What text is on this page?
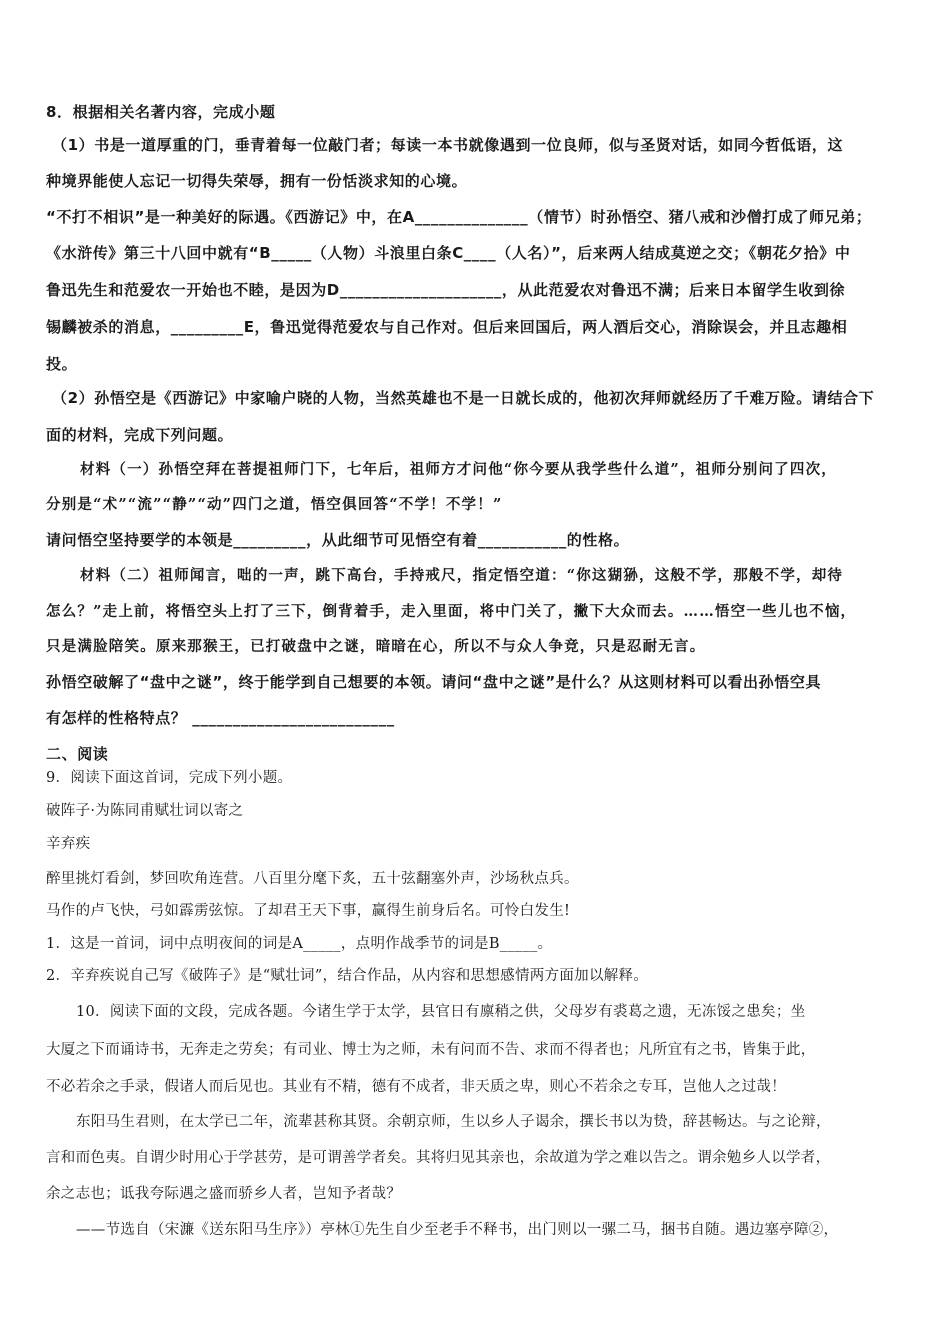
8．根据相关名著内容，完成小题
（1）书是一道厚重的门，垂青着每一位敲门者；每读一本书就像遇到一位良师，似与圣贤对话，如同今哲低语，这
种境界能使人忘记一切得失荣辱，拥有一份恬淡求知的心境。
“不打不相识”是一种美好的际遇。《西游记》中，在A______________（情节）时孙悟空、猪八戒和沙僧打成了师兄弟；
《水浒传》第三十八回中就有“B_____（人物）斗浪里白条C____（人名）”，后来两人结成莫逆之交；《朝花夕拾》中
鲁迅先生和范爱农一开始也不睦，是因为D____________________，从此范爱农对鲁迅不满；后来日本留学生收到徐
锡麟被杀的消息，_________E，鲁迅觉得范爱农与自己作对。但后来回国后，两人酒后交心，消除误会，并且志趣相
投。
（2）孙悟空是《西游记》中家喻户晓的人物，当然英雄也不是一日就长成的，他初次拜师就经历了千难万险。请结合下
面的材料，完成下列问题。
材料（一）孙悟空拜在菩提祖师门下，七年后，祖师方才问他“你今要从我学些什么道”，祖师分别问了四次，
分别是“术”“流”“静”“动”四门之道，悟空俱回答“不学！不学！”
请问悟空坚持要学的本领是_________，从此细节可见悟空有着___________的性格。
材料（二）祖师闻言，咄的一声，跳下高台，手持戒尺，指定悟空道：“你这猢狲，这般不学，那般不学，却待
怎么？”走上前，将悟空头上打了三下，倒背着手，走入里面，将中门关了，撇下大众而去。……悟空一些儿也不恼，
只是满脸陪笑。原来那猴王，已打破盘中之谜，暗暗在心，所以不与众人争竞，只是忍耐无言。
孙悟空破解了“盘中之谜”，终于能学到自己想要的本领。请问“盘中之谜”是什么？从这则材料可以看出孙悟空具
有怎样的性格特点？ _________________________
二、阅读
9．阅读下面这首词，完成下列小题。
破阵子·为陈同甫赋壮词以寄之
辛弃疾
醉里挑灯看剑，梦回吹角连营。八百里分麾下炙，五十弦翻塞外声，沙场秋点兵。
马作的卢飞快，弓如霹雳弦惊。了却君王天下事，赢得生前身后名。可怜白发生!
1．这是一首词，词中点明夜间的词是A_____，点明作战季节的词是B_____。
2．辛弃疾说自己写《破阵子》是“赋壮词”，结合作品，从内容和思想感情两方面加以解释。
10．阅读下面的文段，完成各题。今诸生学于太学，县官日有廪稍之供，父母岁有裘葛之遗，无冻馁之患矣；坐
大厦之下而诵诗书，无奔走之劳矣；有司业、博士为之师，未有问而不告、求而不得者也；凡所宜有之书，皆集于此，
不必若余之手录，假诸人而后见也。其业有不精，德有不成者，非天质之卑，则心不若余之专耳，岂他人之过哉！
东阳马生君则，在太学已二年，流辈甚称其贤。余朝京师，生以乡人子谒余，撰长书以为贽，辞甚畅达。与之论辩，
言和而色夷。自谓少时用心于学甚劳，是可谓善学者矣。其将归见其亲也，余故道为学之难以告之。谓余勉乡人以学者，
余之志也；诋我夸际遇之盛而骄乡人者，岂知予者哉？
——节选自（宋濂《送东阳马生序》）亭林①先生自少至老手不释书，出门则以一骡二马，捆书自随。遇边塞亭障②，
